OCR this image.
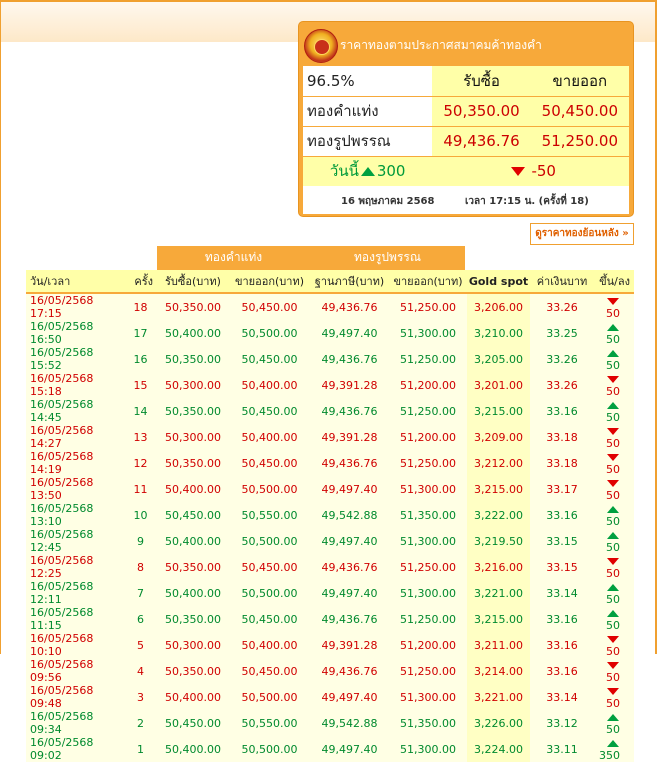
ราคาทองตามประกาศสมาคมค้าทองคำ
96.5%	รับซื้อ	ขายออก
ทองคำแท่ง	50,350.00	50,450.00
ทองรูปพรรณ	49,436.76	51,250.00
วันนี้ 300	-50	
16 พฤษภาคม 2568	เวลา 17:15 น. (ครั้งที่ 18)
ดูราคาทองย้อนหลัง »
ทองคำแท่ง	ทองรูปพรรณ
วัน/เวลา	ครั้ง	รับซื้อ(บาท)	ขายออก(บาท)	ฐานภาษี(บาท)	ขายออก(บาท)	Gold spot	ค่าเงินบาท	ขึ้น/ลง
16/05/2568 17:15	18	50,350.00	50,450.00	49,436.76	51,250.00	3,206.00	33.26	50
16/05/2568 16:50	17	50,400.00	50,500.00	49,497.40	51,300.00	3,210.00	33.25	50
16/05/2568 15:52	16	50,350.00	50,450.00	49,436.76	51,250.00	3,205.00	33.26	50
16/05/2568 15:18	15	50,300.00	50,400.00	49,391.28	51,200.00	3,201.00	33.26	50
16/05/2568 14:45	14	50,350.00	50,450.00	49,436.76	51,250.00	3,215.00	33.16	50
16/05/2568 14:27	13	50,300.00	50,400.00	49,391.28	51,200.00	3,209.00	33.18	50
16/05/2568 14:19	12	50,350.00	50,450.00	49,436.76	51,250.00	3,212.00	33.18	50
16/05/2568 13:50	11	50,400.00	50,500.00	49,497.40	51,300.00	3,215.00	33.17	50
16/05/2568 13:10	10	50,450.00	50,550.00	49,542.88	51,350.00	3,222.00	33.16	50
16/05/2568 12:45	9	50,400.00	50,500.00	49,497.40	51,300.00	3,219.50	33.15	50
16/05/2568 12:25	8	50,350.00	50,450.00	49,436.76	51,250.00	3,216.00	33.15	50
16/05/2568 12:11	7	50,400.00	50,500.00	49,497.40	51,300.00	3,221.00	33.14	50
16/05/2568 11:15	6	50,350.00	50,450.00	49,436.76	51,250.00	3,215.00	33.16	50
16/05/2568 10:10	5	50,300.00	50,400.00	49,391.28	51,200.00	3,211.00	33.16	50
16/05/2568 09:56	4	50,350.00	50,450.00	49,436.76	51,250.00	3,214.00	33.16	50
16/05/2568 09:48	3	50,400.00	50,500.00	49,497.40	51,300.00	3,221.00	33.14	50
16/05/2568 09:34	2	50,450.00	50,550.00	49,542.88	51,350.00	3,226.00	33.12	50
16/05/2568 09:02	1	50,400.00	50,500.00	49,497.40	51,300.00	3,224.00	33.11	350
